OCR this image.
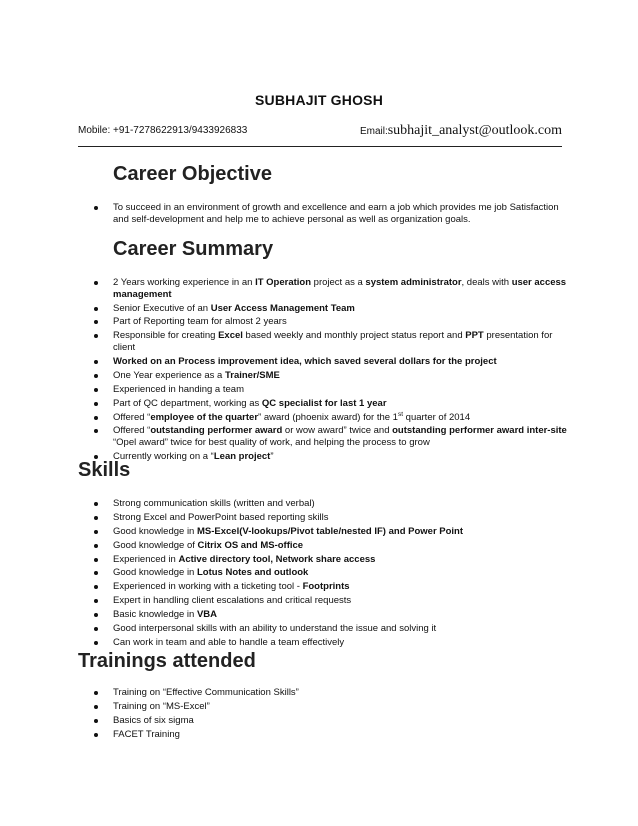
SUBHAJIT GHOSH
Mobile: +91-7278622913/9433926833	Email:subhajit_analyst@outlook.com
Career Objective
To succeed in an environment of growth and excellence and earn a job which provides me job Satisfaction and self-development and help me to achieve personal as well as organization goals.
Career Summary
2 Years working experience in an IT Operation project as a system administrator, deals with user access management
Senior Executive of an User Access Management Team
Part of Reporting team for almost 2 years
Responsible for creating Excel based weekly and monthly project status report and PPT presentation for client
Worked on an Process improvement idea, which saved several dollars for the project
One Year experience as a Trainer/SME
Experienced in handing a team
Part of QC department, working as QC specialist for last 1 year
Offered “employee of the quarter” award (phoenix award) for the 1st quarter of 2014
Offered “outstanding performer award or wow award” twice and outstanding performer award inter-site “Opel award” twice for best quality of work, and helping the process to grow
Currently working on a “Lean project”
Skills
Strong communication skills (written and verbal)
Strong Excel and PowerPoint based reporting skills
Good knowledge in MS-Excel(V-lookups/Pivot table/nested IF) and Power Point
Good knowledge of Citrix OS and MS-office
Experienced in Active directory tool, Network share access
Good knowledge in Lotus Notes and outlook
Experienced in working with a ticketing tool - Footprints
Expert in handling client escalations and critical requests
Basic knowledge in VBA
Good interpersonal skills with an ability to understand the issue and solving it
Can work in team and able to handle a team effectively
Trainings attended
Training on “Effective Communication Skills”
Training on “MS-Excel”
Basics of six sigma
FACET Training
